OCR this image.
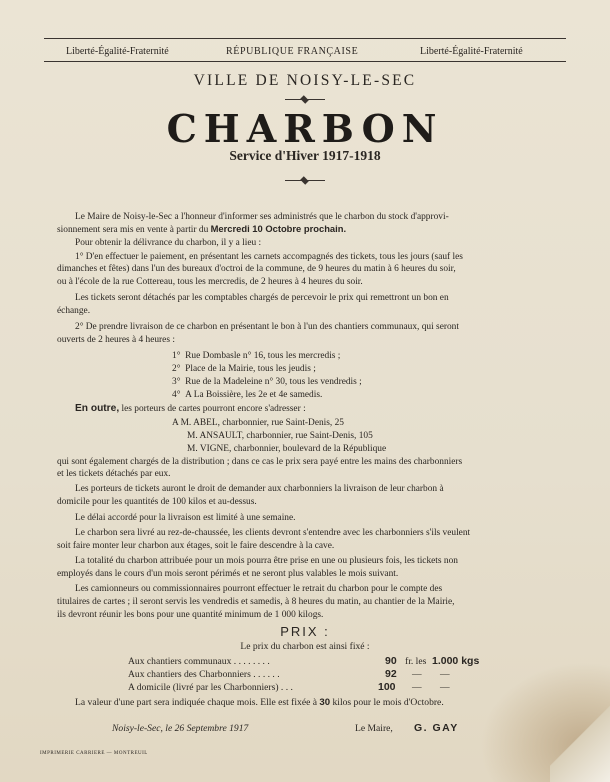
Liberté-Égalité-Fraternité	RÉPUBLIQUE FRANÇAISE	Liberté-Égalité-Fraternité
VILLE DE NOISY-LE-SEC
CHARBON
Service d'Hiver 1917-1918
Le Maire de Noisy-le-Sec a l'honneur d'informer ses administrés que le charbon du stock d'approvi-
sionnement sera mis en vente à partir du Mercredi 10 Octobre prochain.
Pour obtenir la délivrance du charbon, il y a lieu :
1° D'en effectuer le paiement, en présentant les carnets accompagnés des tickets, tous les jours (sauf les
dimanches et fêtes) dans l'un des bureaux d'octroi de la commune, de 9 heures du matin à 6 heures du soir,
ou à l'école de la rue Cottereau, tous les mercredis, de 2 heures à 4 heures du soir.
Les tickets seront détachés par les comptables chargés de percevoir le prix qui remettront un bon en
échange.
2° De prendre livraison de ce charbon en présentant le bon à l'un des chantiers communaux, qui seront
ouverts de 2 heures à 4 heures :
1° Rue Dombasle n° 16, tous les mercredis ;
2° Place de la Mairie, tous les jeudis ;
3° Rue de la Madeleine n° 30, tous les vendredis ;
4° A La Boissière, les 2e et 4e samedis.
En outre, les porteurs de cartes pourront encore s'adresser :
A M. ABEL, charbonnier, rue Saint-Denis, 25
M. ANSAULT, charbonnier, rue Saint-Denis, 105
M. VIGNE, charbonnier, boulevard de la République
qui sont également chargés de la distribution ; dans ce cas le prix sera payé entre les mains des charbonniers
et les tickets détachés par eux.
Les porteurs de tickets auront le droit de demander aux charbonniers la livraison de leur charbon à
domicile pour les quantités de 100 kilos et au-dessus.
Le délai accordé pour la livraison est limité à une semaine.
Le charbon sera livré au rez-de-chaussée, les clients devront s'entendre avec les charbonniers s'ils veulent
soit faire monter leur charbon aux étages, soit le faire descendre à la cave.
La totalité du charbon attribuée pour un mois pourra être prise en une ou plusieurs fois, les tickets non
employés dans le cours d'un mois seront périmés et ne seront plus valables le mois suivant.
Les camionneurs ou commissionnaires pourront effectuer le retrait du charbon pour le compte des
titulaires de cartes ; il seront servis les vendredis et samedis, à 8 heures du matin, au chantier de la Mairie,
ils devront réunir les bons pour une quantité minimum de 1 000 kilogs.
PRIX :
Le prix du charbon est ainsi fixé :
Aux chantiers communaux . . . . . . . .	90 fr. les 1.000 kgs
Aux chantiers des Charbonniers . . . . . .	92 — —
A domicile (livré par les Charbonniers) . . .	100 — —
La valeur d'une part sera indiquée chaque mois. Elle est fixée à 30 kilos pour le mois d'Octobre.
Noisy-le-Sec, le 26 Septembre 1917	Le Maire, G. GAY
IMPRIMERIE CARRIERE — MONTREUIL
